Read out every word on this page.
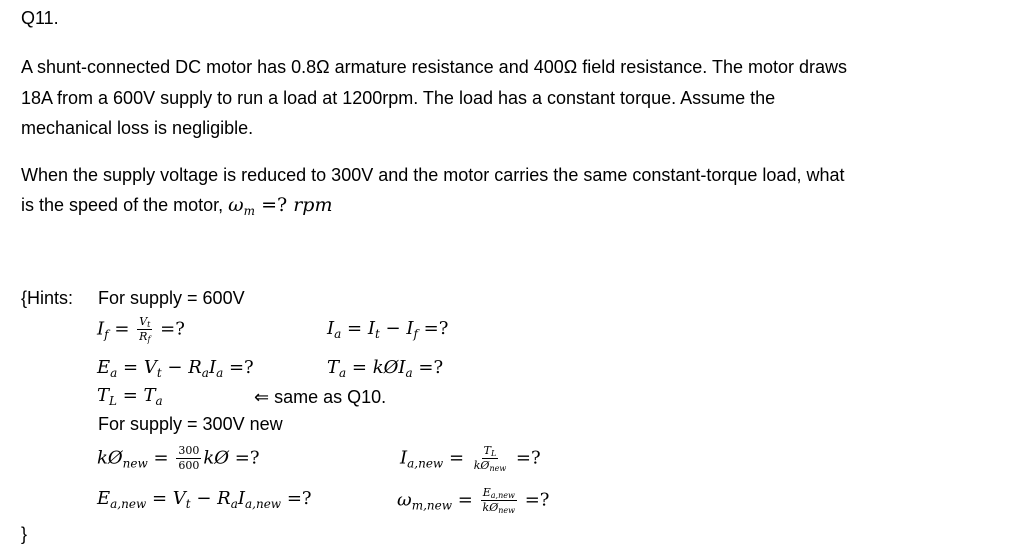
Q11.
A shunt-connected DC motor has 0.8Ω armature resistance and 400Ω field resistance. The motor draws
18A from a 600V supply to run a load at 1200rpm. The load has a constant torque. Assume the
mechanical loss is negligible.
When the supply voltage is reduced to 300V and the motor carries the same constant-torque load, what
is the speed of the motor, $\omega_m$ =? rpm
{Hints: For supply = 600V
$I_f = \frac{V_t}{R_f}$ =?	$I_a = I_t - I_f$ =?
$E_a = V_t - R_aI_a$ =?	$T_a$ = kØI$_a$ =?
$T_L = T_a$	⇐ same as Q10.
For supply = 300V new
$kØ_{new} = \frac{300}{600}$ kØ =?	$I_{a,new} = \frac{T_L}{kØ_{new}}$ =?
$E_{a,new} = V_t - R_aI_{a,new}$ =?	$\omega_{m,new} = \frac{E_{a,new}}{kØ_{new}}$ =?
}
